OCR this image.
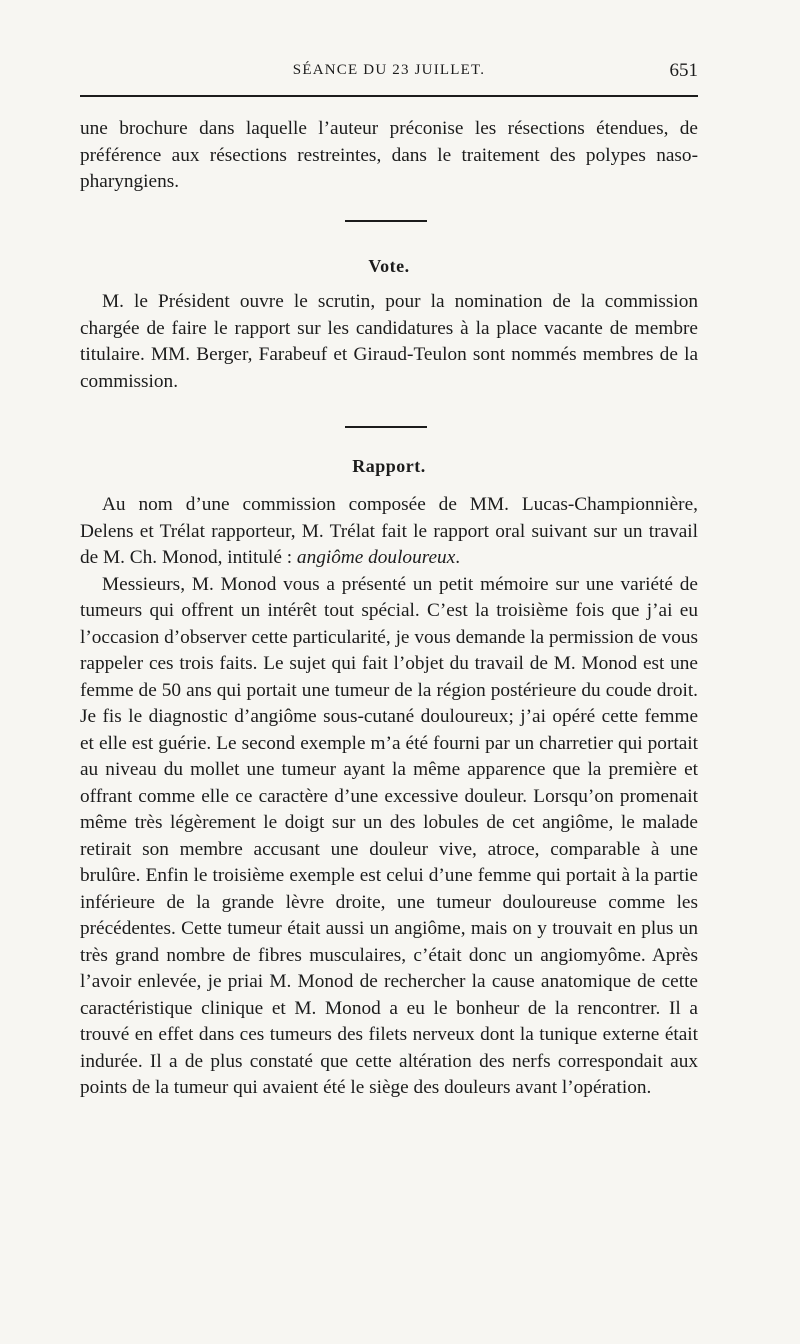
SÉANCE DU 23 JUILLET.	651

une brochure dans laquelle l’auteur préconise les résections étendues, de préférence aux résections restreintes, dans le traitement des polypes naso-pharyngiens.

Vote.

M. le Président ouvre le scrutin, pour la nomination de la commission chargée de faire le rapport sur les candidatures à la place vacante de membre titulaire. MM. Berger, Farabeuf et Giraud-Teulon sont nommés membres de la commission.

Rapport.

Au nom d’une commission composée de MM. Lucas-Championnière, Delens et Trélat rapporteur, M. Trélat fait le rapport oral suivant sur un travail de M. Ch. Monod, intitulé : angiôme douloureux.

Messieurs, M. Monod vous a présenté un petit mémoire sur une variété de tumeurs qui offrent un intérêt tout spécial. C’est la troisième fois que j’ai eu l’occasion d’observer cette particularité, je vous demande la permission de vous rappeler ces trois faits. Le sujet qui fait l’objet du travail de M. Monod est une femme de 50 ans qui portait une tumeur de la région postérieure du coude droit. Je fis le diagnostic d’angiôme sous-cutané douloureux; j’ai opéré cette femme et elle est guérie. Le second exemple m’a été fourni par un charretier qui portait au niveau du mollet une tumeur ayant la même apparence que la première et offrant comme elle ce caractère d’une excessive douleur. Lorsqu’on promenait même très légèrement le doigt sur un des lobules de cet angiôme, le malade retirait son membre accusant une douleur vive, atroce, comparable à une brulûre. Enfin le troisième exemple est celui d’une femme qui portait à la partie inférieure de la grande lèvre droite, une tumeur douloureuse comme les précédentes. Cette tumeur était aussi un angiôme, mais on y trouvait en plus un très grand nombre de fibres musculaires, c’était donc un angiomyôme. Après l’avoir enlevée, je priai M. Monod de rechercher la cause anatomique de cette caractéristique clinique et M. Monod a eu le bonheur de la rencontrer. Il a trouvé en effet dans ces tumeurs des filets nerveux dont la tunique externe était indurée. Il a de plus constaté que cette altération des nerfs correspondait aux points de la tumeur qui avaient été le siège des douleurs avant l’opération.
